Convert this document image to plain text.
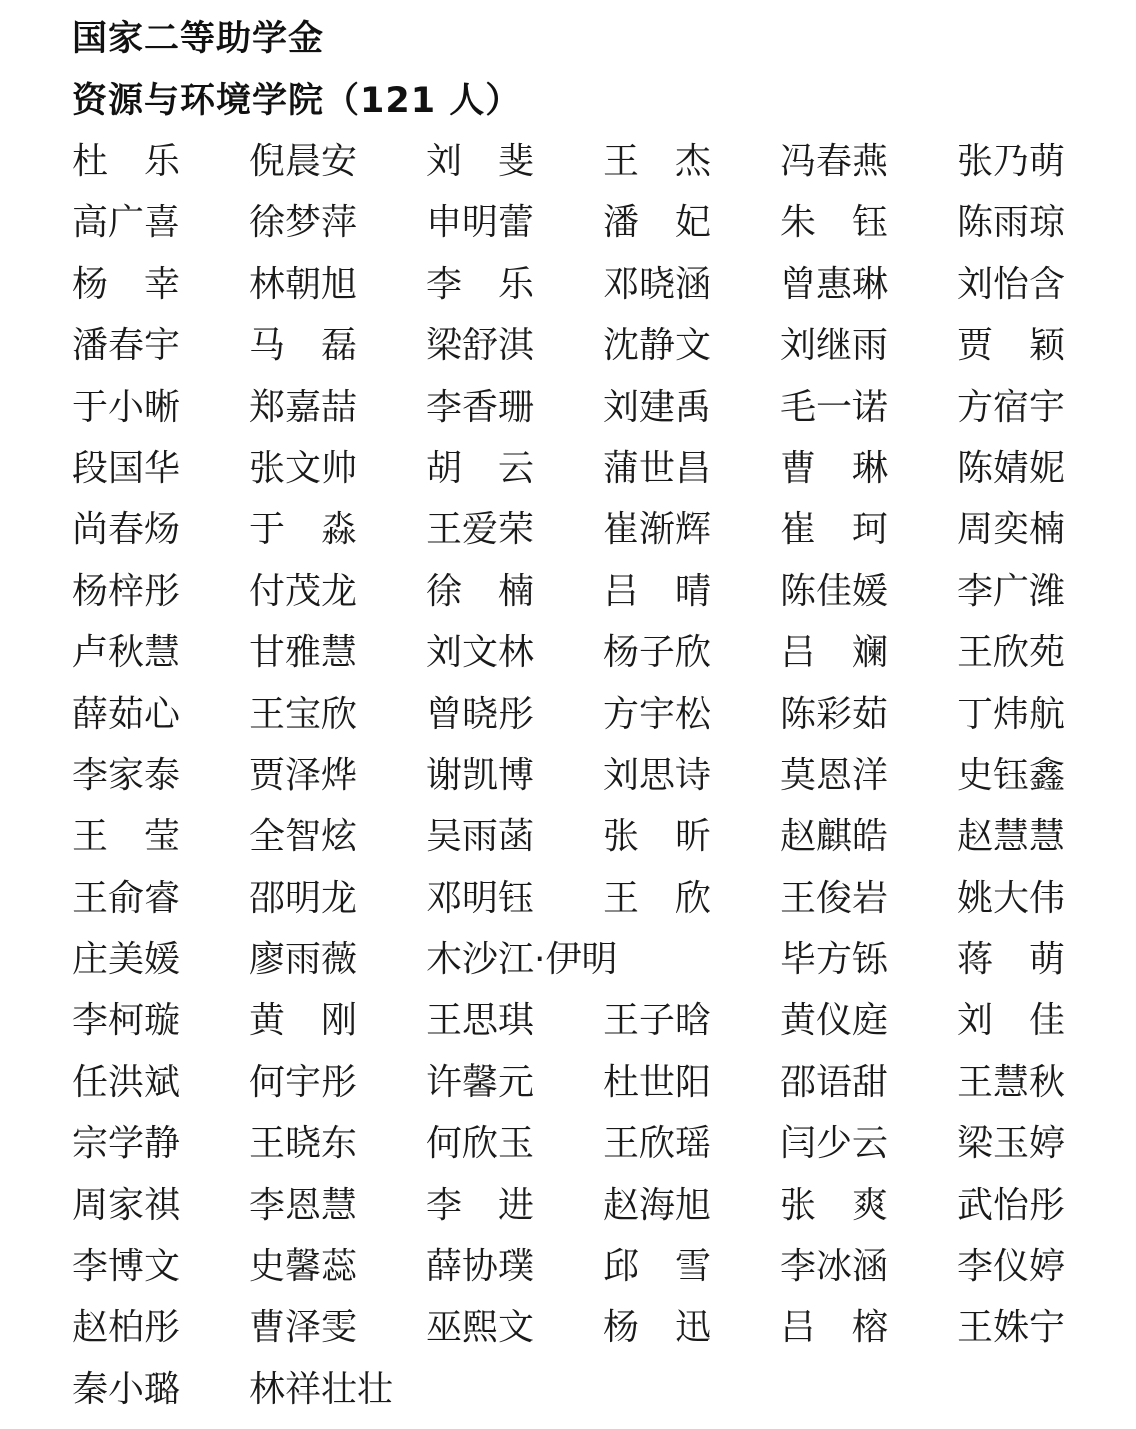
国家二等助学金
资源与环境学院（121 人）
杜　乐	倪晨安	刘　斐	王　杰	冯春燕	张乃萌
高广喜	徐梦萍	申明蕾	潘　妃	朱　钰	陈雨琼
杨　幸	林朝旭	李　乐	邓晓涵	曾惠琳	刘怡含
潘春宇	马　磊	梁舒淇	沈静文	刘继雨	贾　颖
于小晰	郑嘉喆	李香珊	刘建禹	毛一诺	方宿宇
段国华	张文帅	胡　云	蒲世昌	曹　琳	陈婧妮
尚春炀	于　淼	王爱荣	崔渐辉	崔　珂	周奕楠
杨梓彤	付茂龙	徐　楠	吕　晴	陈佳媛	李广潍
卢秋慧	甘雅慧	刘文林	杨子欣	吕　斓	王欣苑
薛茹心	王宝欣	曾晓彤	方宇松	陈彩茹	丁炜航
李家泰	贾泽烨	谢凯博	刘思诗	莫恩洋	史钰鑫
王　莹	全智炫	吴雨菡	张　昕	赵麒皓	赵慧慧
王俞睿	邵明龙	邓明钰	王　欣	王俊岩	姚大伟
庄美媛	廖雨薇	木沙江·伊明	毕方铄	蒋　萌
李柯璇	黄　刚	王思琪	王子晗	黄仪庭	刘　佳
任洪斌	何宇彤	许馨元	杜世阳	邵语甜	王慧秋
宗学静	王晓东	何欣玉	王欣瑶	闫少云	梁玉婷
周家祺	李恩慧	李　进	赵海旭	张　爽	武怡彤
李博文	史馨蕊	薛协璞	邱　雪	李冰涵	李仪婷
赵柏彤	曹泽雯	巫熙文	杨　迅	吕　榕	王姝宁
秦小璐	林祥壮壮
